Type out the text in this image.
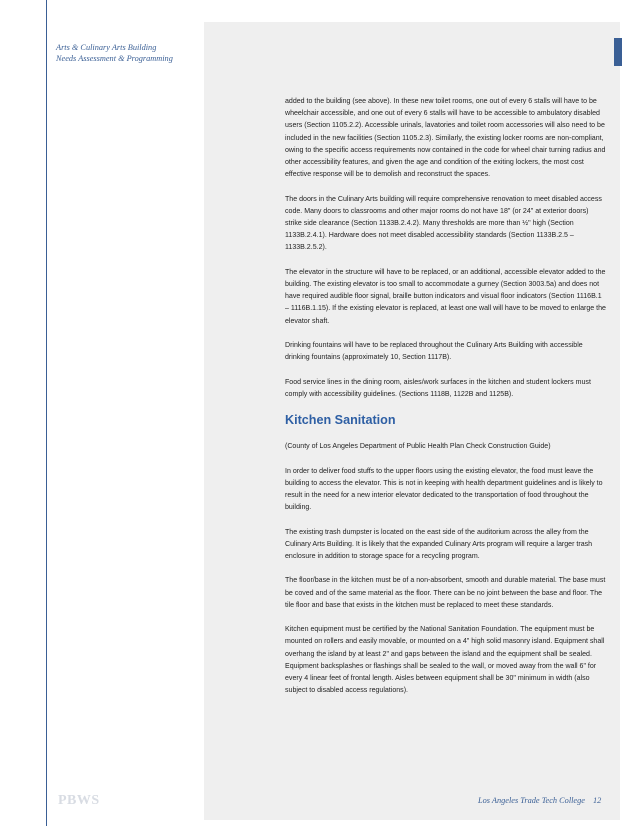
Arts & Culinary Arts Building
Needs Assessment & Programming

added to the building (see above). In these new toilet rooms, one out of every 6 stalls will have to be wheelchair accessible, and one out of every 6 stalls will have to be accessible to ambulatory disabled users (Section 1105.2.2). Accessible urinals, lavatories and toilet room accessories will also need to be included in the new facilities (Section 1105.2.3). Similarly, the existing locker rooms are non-compliant, owing to the specific access requirements now contained in the code for wheel chair turning radius and other accessibility features, and given the age and condition of the exiting lockers, the most cost effective response will be to demolish and reconstruct the spaces.

The doors in the Culinary Arts building will require comprehensive renovation to meet disabled access code. Many doors to classrooms and other major rooms do not have 18" (or 24" at exterior doors) strike side clearance (Section 1133B.2.4.2). Many thresholds are more than ½" high (Section 1133B.2.4.1). Hardware does not meet disabled accessibility standards (Section 1133B.2.5 – 1133B.2.5.2).

The elevator in the structure will have to be replaced, or an additional, accessible elevator added to the building. The existing elevator is too small to accommodate a gurney (Section 3003.5a) and does not have required audible floor signal, braille button indicators and visual floor indicators (Section 1116B.1 – 1116B.1.15). If the existing elevator is replaced, at least one wall will have to be moved to enlarge the elevator shaft.

Drinking fountains will have to be replaced throughout the Culinary Arts Building with accessible drinking fountains (approximately 10, Section 1117B).

Food service lines in the dining room, aisles/work surfaces in the kitchen and student lockers must comply with accessibility guidelines. (Sections 1118B, 1122B and 1125B).

Kitchen Sanitation

(County of Los Angeles Department of Public Health Plan Check Construction Guide)

In order to deliver food stuffs to the upper floors using the existing elevator, the food must leave the building to access the elevator. This is not in keeping with health department guidelines and is likely to result in the need for a new interior elevator dedicated to the transportation of food throughout the building.

The existing trash dumpster is located on the east side of the auditorium across the alley from the Culinary Arts Building. It is likely that the expanded Culinary Arts program will require a larger trash enclosure in addition to storage space for a recycling program.

The floor/base in the kitchen must be of a non-absorbent, smooth and durable material. The base must be coved and of the same material as the floor. There can be no joint between the base and floor. The tile floor and base that exists in the kitchen must be replaced to meet these standards.

Kitchen equipment must be certified by the National Sanitation Foundation. The equipment must be mounted on rollers and easily movable, or mounted on a 4" high solid masonry island. Equipment shall overhang the island by at least 2" and gaps between the island and the equipment shall be sealed. Equipment backsplashes or flashings shall be sealed to the wall, or moved away from the wall 6" for every 4 linear feet of frontal length. Aisles between equipment shall be 30" minimum in width (also subject to disabled access regulations).

PBWS	Los Angeles Trade Tech College 12
